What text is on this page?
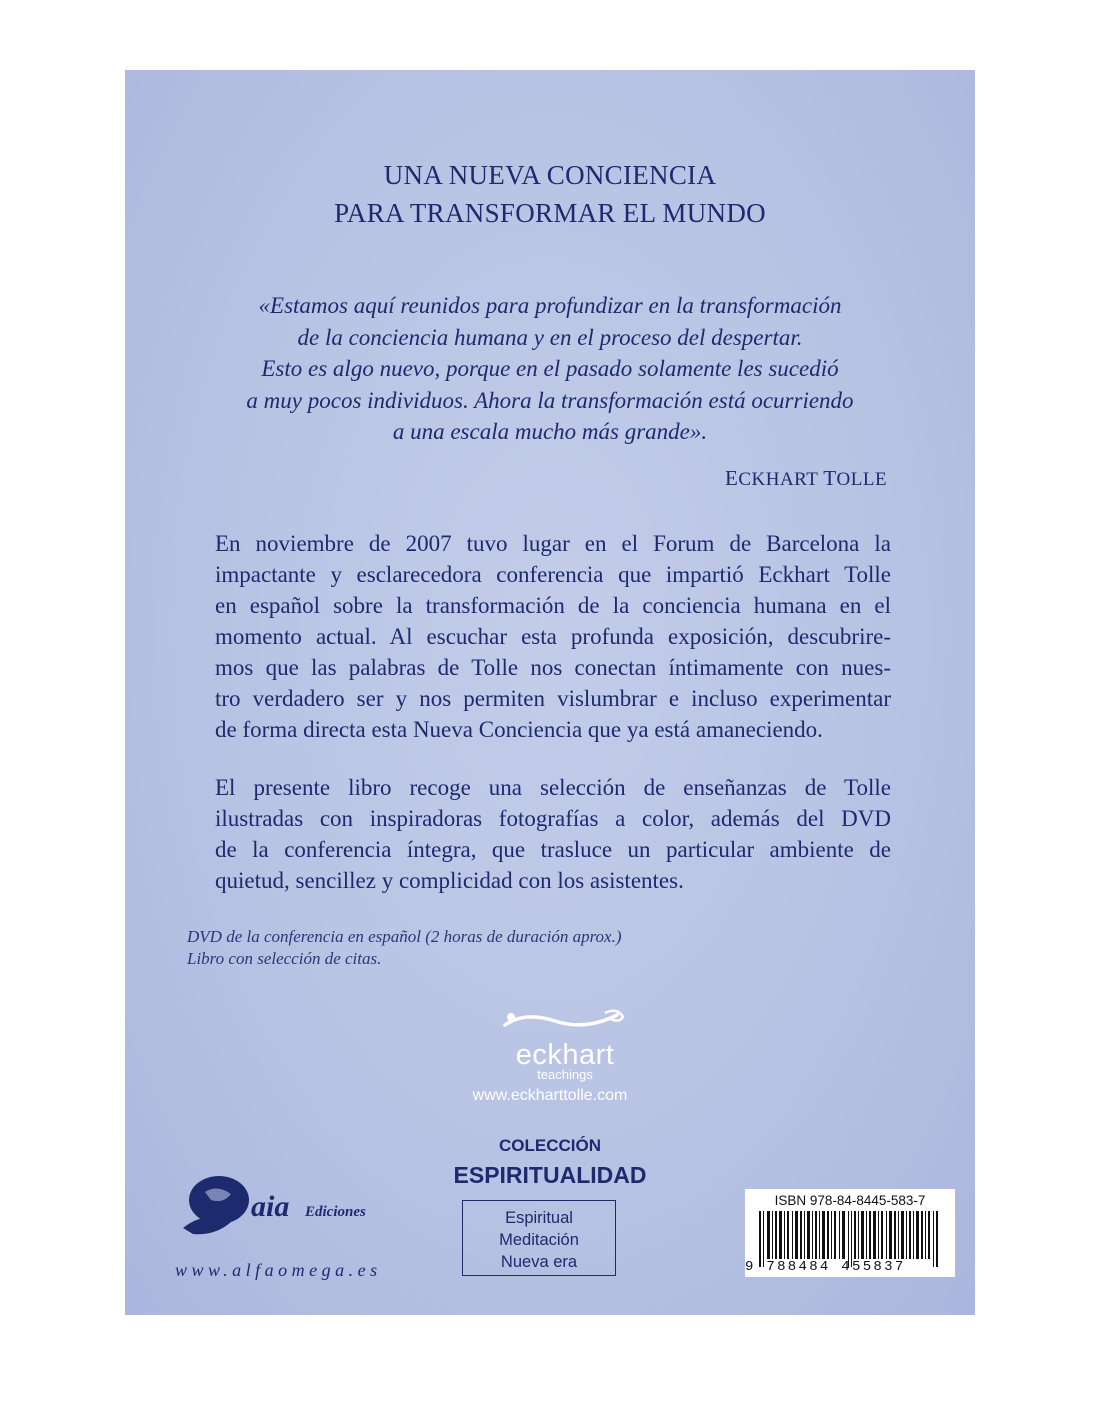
UNA NUEVA CONCIENCIA
PARA TRANSFORMAR EL MUNDO
«Estamos aquí reunidos para profundizar en la transformación
de la conciencia humana y en el proceso del despertar.
Esto es algo nuevo, porque en el pasado solamente les sucedió
a muy pocos individuos. Ahora la transformación está ocurriendo
a una escala mucho más grande».
ECKHART TOLLE
En noviembre de 2007 tuvo lugar en el Forum de Barcelona la
impactante y esclarecedora conferencia que impartió Eckhart Tolle
en español sobre la transformación de la conciencia humana en el
momento actual. Al escuchar esta profunda exposición, descubrire-
mos que las palabras de Tolle nos conectan íntimamente con nues-
tro verdadero ser y nos permiten vislumbrar e incluso experimentar
de forma directa esta Nueva Conciencia que ya está amaneciendo.
El presente libro recoge una selección de enseñanzas de Tolle
ilustradas con inspiradoras fotografías a color, además del DVD
de la conferencia íntegra, que trasluce un particular ambiente de
quietud, sencillez y complicidad con los asistentes.
DVD de la conferencia en español (2 horas de duración aprox.)
Libro con selección de citas.
eckhart
teachings
www.eckharttolle.com
COLECCIÓN
ESPIRITUALIDAD
Espiritual
Meditación
Nueva era
aia Ediciones
www.alfaomega.es
ISBN 978-84-8445-583-7
9 788484 455837
